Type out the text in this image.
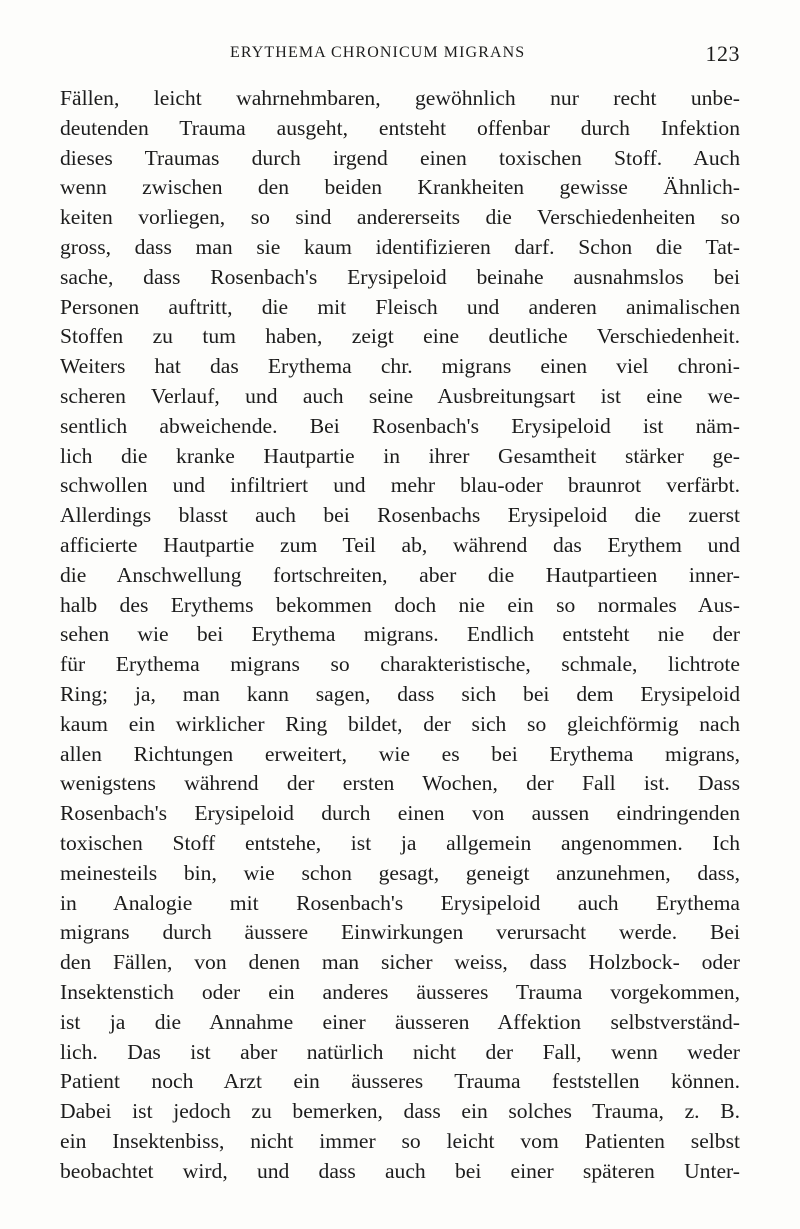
ERYTHEMA CHRONICUM MIGRANS	123
Fällen, leicht wahrnehmbaren, gewöhnlich nur recht unbe-
deutenden Trauma ausgeht, entsteht offenbar durch Infektion
dieses Traumas durch irgend einen toxischen Stoff. Auch
wenn zwischen den beiden Krankheiten gewisse Ähnlich-
keiten vorliegen, so sind andererseits die Verschiedenheiten so
gross, dass man sie kaum identifizieren darf. Schon die Tat-
sache, dass Rosenbach's Erysipeloid beinahe ausnahmslos bei
Personen auftritt, die mit Fleisch und anderen animalischen
Stoffen zu tum haben, zeigt eine deutliche Verschiedenheit.
Weiters hat das Erythema chr. migrans einen viel chroni-
scheren Verlauf, und auch seine Ausbreitungsart ist eine we-
sentlich abweichende. Bei Rosenbach's Erysipeloid ist näm-
lich die kranke Hautpartie in ihrer Gesamtheit stärker ge-
schwollen und infiltriert und mehr blau-oder braunrot verfärbt.
Allerdings blasst auch bei Rosenbachs Erysipeloid die zuerst
afficierte Hautpartie zum Teil ab, während das Erythem und
die Anschwellung fortschreiten, aber die Hautpartieen inner-
halb des Erythems bekommen doch nie ein so normales Aus-
sehen wie bei Erythema migrans. Endlich entsteht nie der
für Erythema migrans so charakteristische, schmale, lichtrote
Ring; ja, man kann sagen, dass sich bei dem Erysipeloid
kaum ein wirklicher Ring bildet, der sich so gleichförmig nach
allen Richtungen erweitert, wie es bei Erythema migrans,
wenigstens während der ersten Wochen, der Fall ist. Dass
Rosenbach's Erysipeloid durch einen von aussen eindringenden
toxischen Stoff entstehe, ist ja allgemein angenommen. Ich
meinesteils bin, wie schon gesagt, geneigt anzunehmen, dass,
in Analogie mit Rosenbach's Erysipeloid auch Erythema
migrans durch äussere Einwirkungen verursacht werde. Bei
den Fällen, von denen man sicher weiss, dass Holzbock- oder
Insektenstich oder ein anderes äusseres Trauma vorgekommen,
ist ja die Annahme einer äusseren Affektion selbstverständ-
lich. Das ist aber natürlich nicht der Fall, wenn weder
Patient noch Arzt ein äusseres Trauma feststellen können.
Dabei ist jedoch zu bemerken, dass ein solches Trauma, z. B.
ein Insektenbiss, nicht immer so leicht vom Patienten selbst
beobachtet wird, und dass auch bei einer späteren Unter-
